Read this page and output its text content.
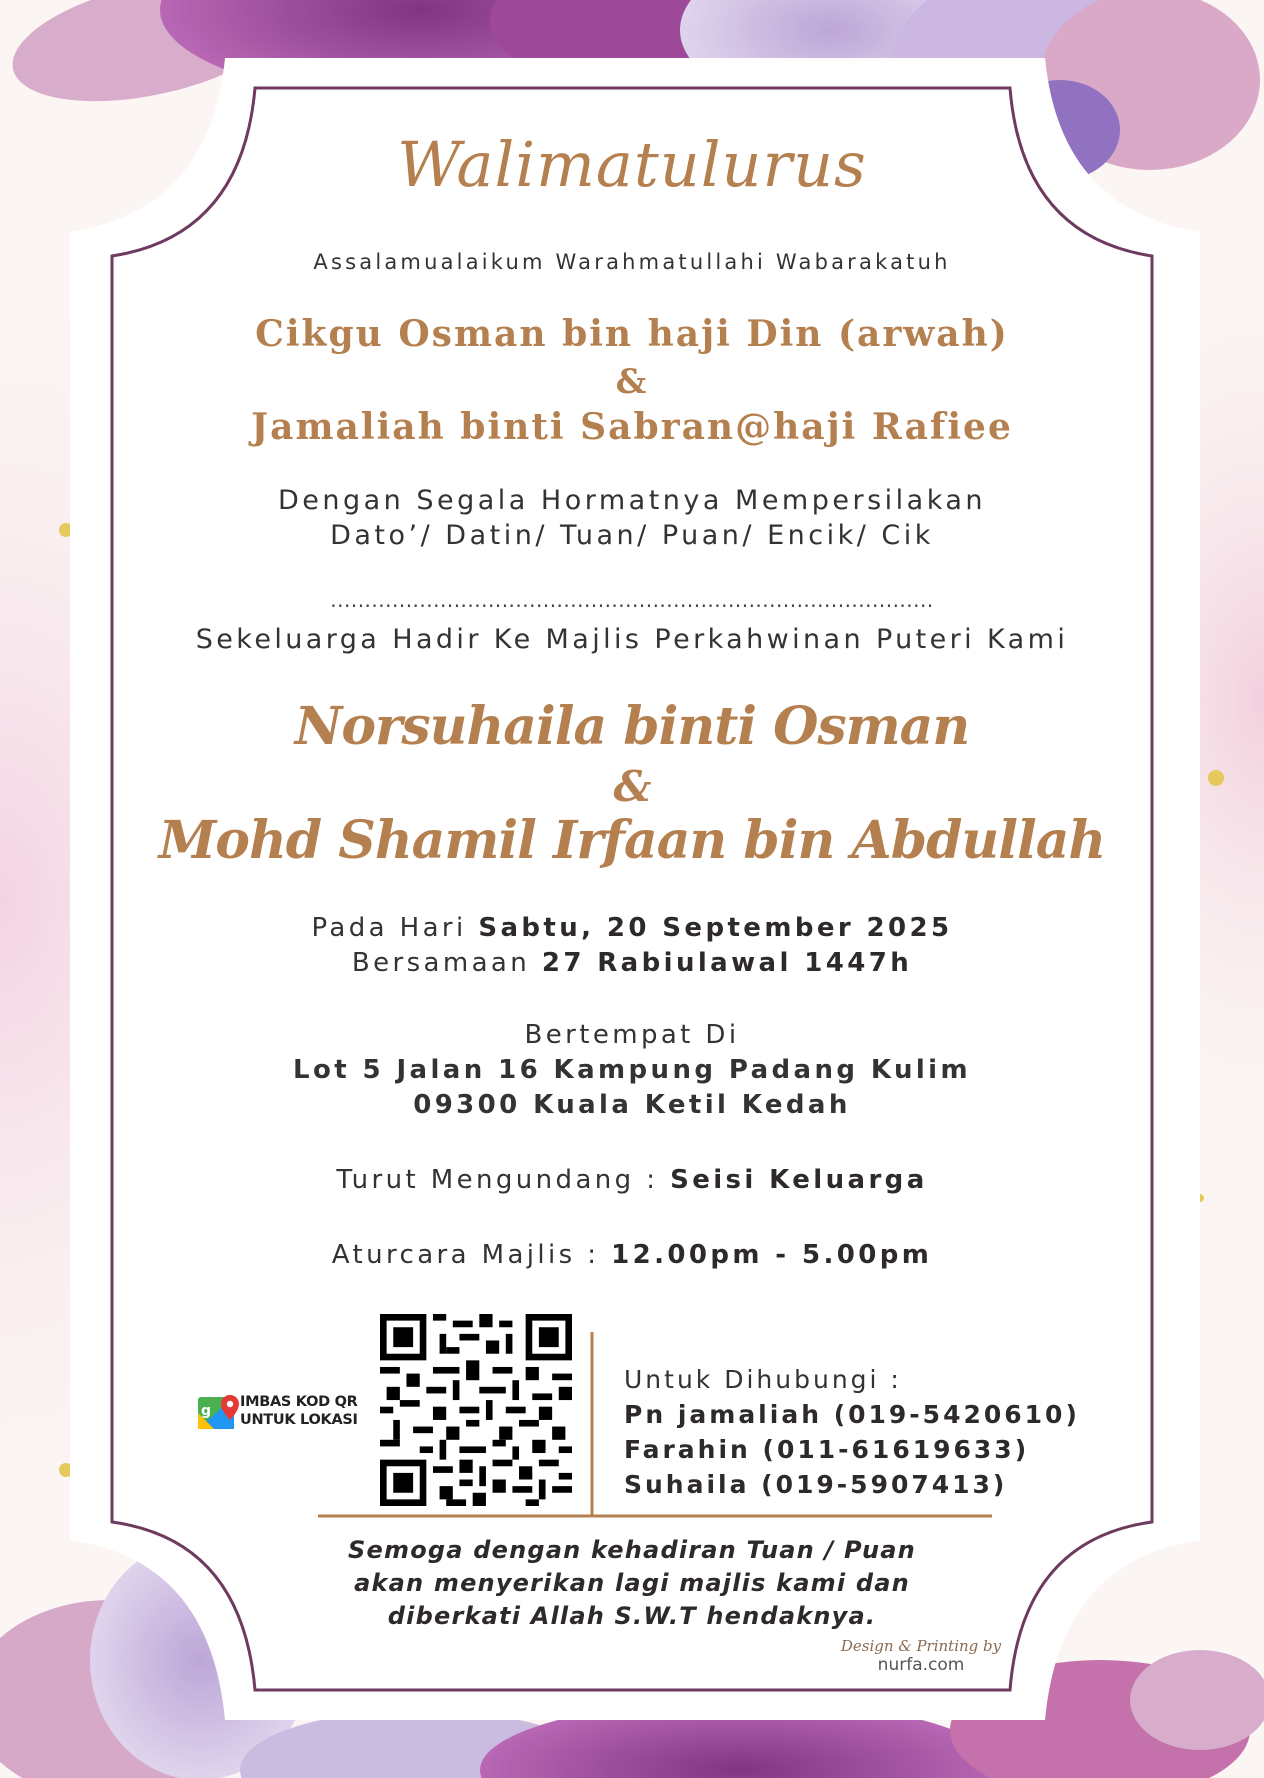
g
Walimatulurus
Assalamualaikum Warahmatullahi Wabarakatuh
Cikgu Osman bin haji Din (arwah)
&
Jamaliah binti Sabran@haji Rafiee
Dengan Segala Hormatnya Mempersilakan
Dato’/ Datin/ Tuan/ Puan/ Encik/ Cik
........................................................................................
Sekeluarga Hadir Ke Majlis Perkahwinan Puteri Kami
Norsuhaila binti Osman
&
Mohd Shamil Irfaan bin Abdullah
Pada Hari Sabtu, 20 September 2025
Bersamaan 27 Rabiulawal 1447h
Bertempat Di
Lot 5 Jalan 16 Kampung Padang Kulim
09300 Kuala Ketil Kedah
Turut Mengundang : Seisi Keluarga
Aturcara Majlis : 12.00pm - 5.00pm
IMBAS KOD QR
UNTUK LOKASI
Untuk Dihubungi :
Pn jamaliah (019-5420610)
Farahin (011-61619633)
Suhaila (019-5907413)
Semoga dengan kehadiran Tuan / Puan
akan menyerikan lagi majlis kami dan
diberkati Allah S.W.T hendaknya.
Design & Printing by
nurfa.com
